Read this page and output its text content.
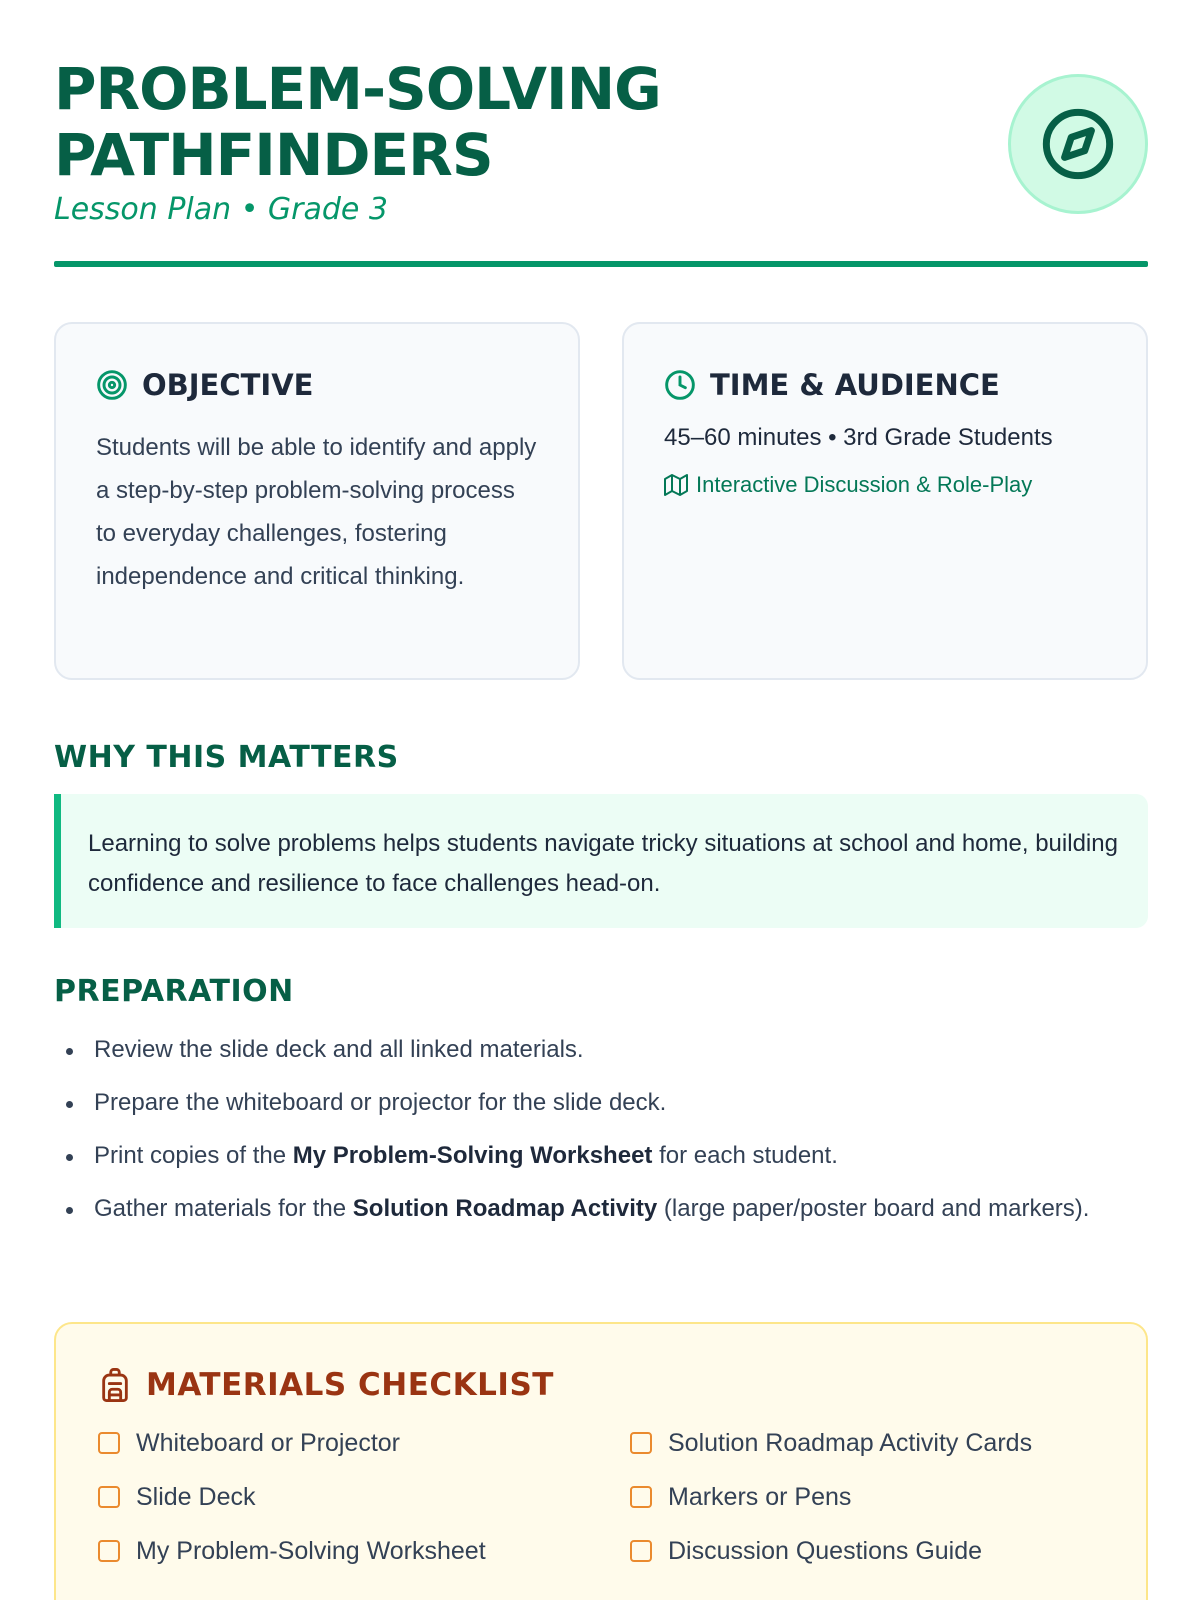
PROBLEM-SOLVING
PATHFINDERS
Lesson Plan • Grade 3
OBJECTIVE

Students will be able to identify and apply a step-by-step problem-solving process to everyday challenges, fostering independence and critical thinking.

TIME & AUDIENCE

45–60 minutes • 3rd Grade Students

Interactive Discussion & Role-Play
WHY THIS MATTERS

Learning to solve problems helps students navigate tricky situations at school and home, building confidence and resilience to face challenges head-on.

PREPARATION
Review the slide deck and all linked materials.
Prepare the whiteboard or projector for the slide deck.
Print copies of the My Problem-Solving Worksheet for each student.
Gather materials for the Solution Roadmap Activity (large paper/poster board and markers).
MATERIALS CHECKLIST
Whiteboard or Projector	Solution Roadmap Activity Cards
Slide Deck	Markers or Pens
My Problem-Solving Worksheet	Discussion Questions Guide
